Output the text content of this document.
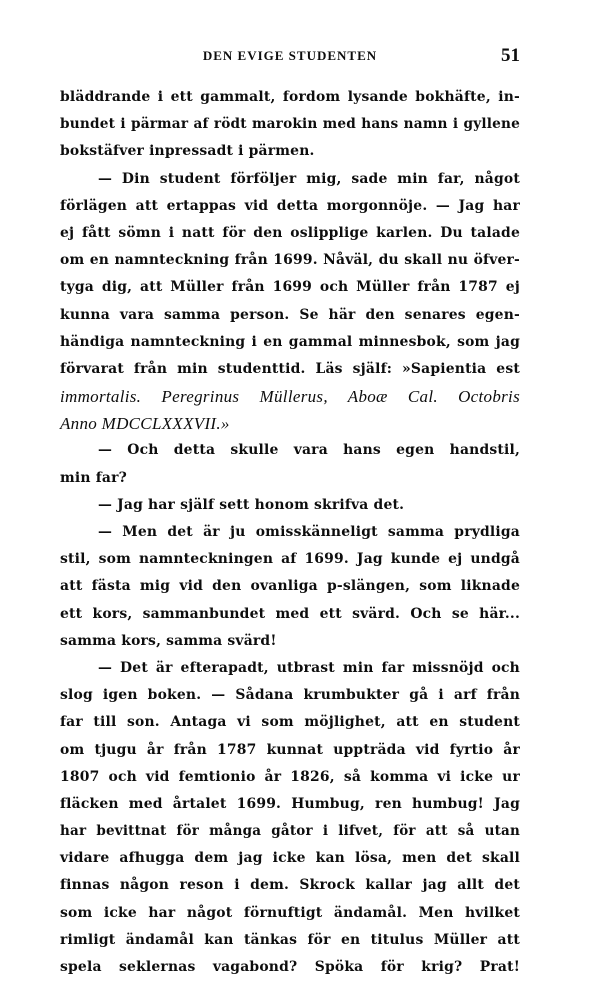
DEN EVIGE STUDENTEN	51
bläddrande i ett gammalt, fordom lysande bokhäfte, in-
bundet i pärmar af rödt marokin med hans namn i gyllene
bokstäfver inpressadt i pärmen.
— Din student förföljer mig, sade min far, något
förlägen att ertappas vid detta morgonnöje. — Jag har
ej fått sömn i natt för den oslipplige karlen. Du talade
om en namnteckning från 1699. Nåväl, du skall nu öfver-
tyga dig, att Müller från 1699 och Müller från 1787 ej
kunna vara samma person. Se här den senares egen-
händiga namnteckning i en gammal minnesbok, som jag
förvarat från min studenttid. Läs själf: »Sapientia est
immortalis. Peregrinus Müllerus, Aboæ Cal. Octobris
Anno MDCCLXXXVII.»
— Och detta skulle vara hans egen handstil,
min far?
— Jag har själf sett honom skrifva det.
— Men det är ju omisskänneligt samma prydliga
stil, som namnteckningen af 1699. Jag kunde ej undgå
att fästa mig vid den ovanliga p-slängen, som liknade
ett kors, sammanbundet med ett svärd. Och se här...
samma kors, samma svärd!
— Det är efterapadt, utbrast min far missnöjd och
slog igen boken. — Sådana krumbukter gå i arf från
far till son. Antaga vi som möjlighet, att en student
om tjugu år från 1787 kunnat uppträda vid fyrtio år
1807 och vid femtionio år 1826, så komma vi icke ur
fläcken med årtalet 1699. Humbug, ren humbug! Jag
har bevittnat för många gåtor i lifvet, för att så utan
vidare afhugga dem jag icke kan lösa, men det skall
finnas någon reson i dem. Skrock kallar jag allt det
som icke har något förnuftigt ändamål. Men hvilket
rimligt ändamål kan tänkas för en titulus Müller att
spela seklernas vagabond? Spöka för krig? Prat!
